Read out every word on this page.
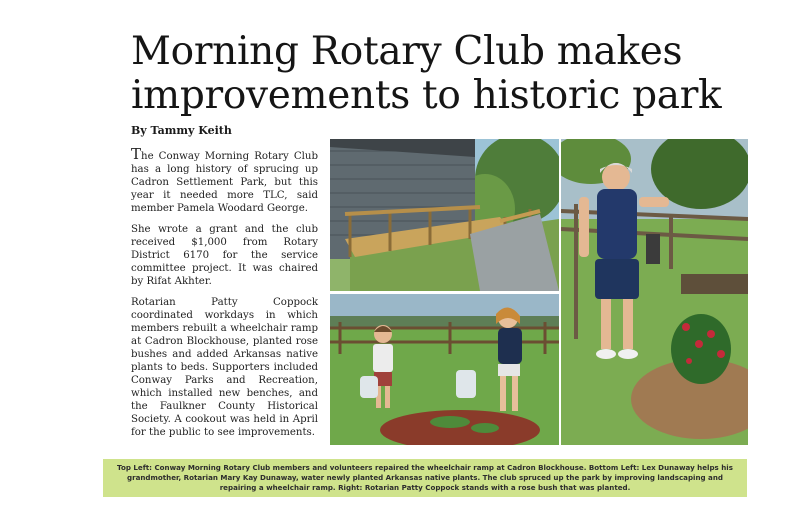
Morning Rotary Club makes improvements to historic park
By Tammy Keith

The Conway Morning Rotary Club has a long history of sprucing up Cadron Settlement Park, but this year it needed more TLC, said member Pamela Woodard George.

She wrote a grant and the club received $1,000 from Rotary District 6170 for the service committee project. It was chaired by Rifat Akhter.

Rotarian Patty Coppock coordinated workdays in which members rebuilt a wheelchair ramp at Cadron Blockhouse, planted rose bushes and added Arkansas native plants to beds. Supporters included Conway Parks and Recreation, which installed new benches, and the Faulkner County Historical Society. A cookout was held in April for the public to see improvements.

Top Left: Conway Morning Rotary Club members and volunteers repaired the wheelchair ramp at Cadron Blockhouse. Bottom Left: Lex Dunaway helps his grandmother, Rotarian Mary Kay Dunaway, water newly planted Arkansas native plants. The club spruced up the park by improving landscaping and repairing a wheelchair ramp. Right: Rotarian Patty Coppock stands with a rose bush that was planted.
